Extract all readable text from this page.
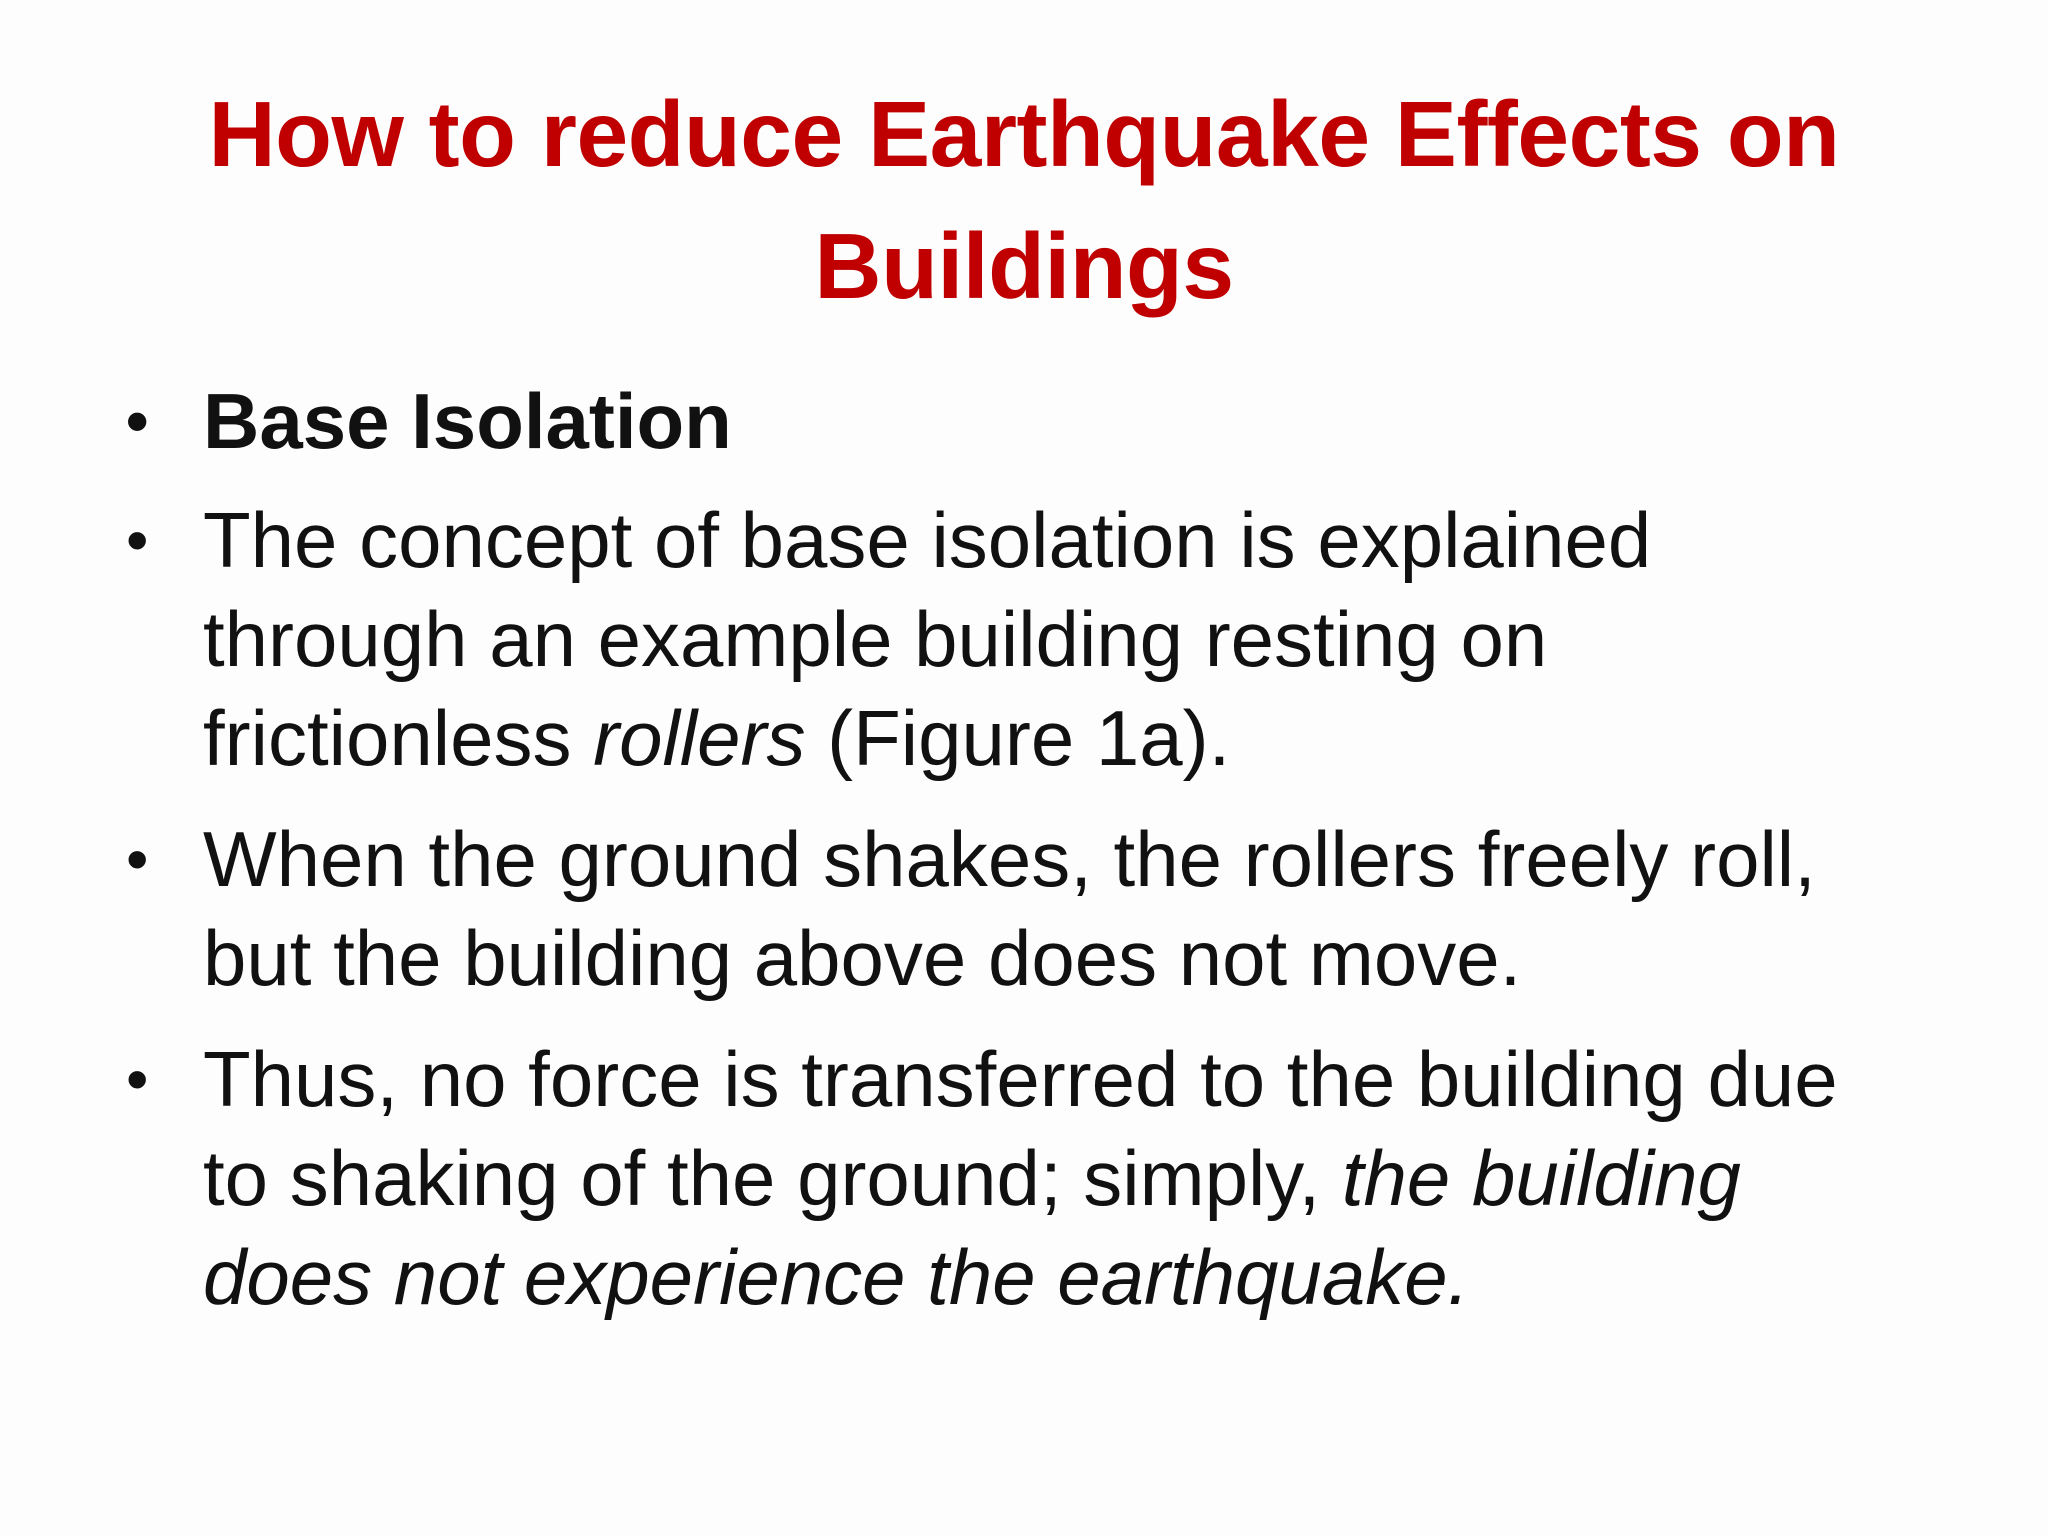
How to reduce Earthquake Effects on
Buildings
• Base Isolation
• The concept of base isolation is explained through an example building resting on frictionless rollers (Figure 1a).
• When the ground shakes, the rollers freely roll, but the building above does not move.
• Thus, no force is transferred to the building due to shaking of the ground; simply, the building does not experience the earthquake.
